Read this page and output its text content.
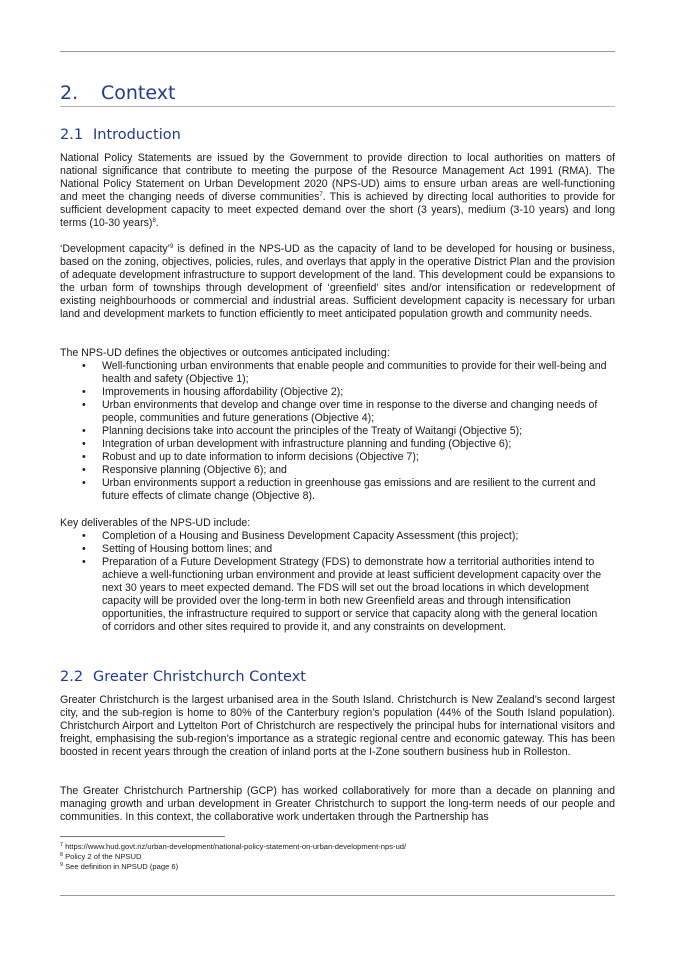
2. Context
2.1 Introduction

National Policy Statements are issued by the Government to provide direction to local authorities on matters of national significance that contribute to meeting the purpose of the Resource Management Act 1991 (RMA). The National Policy Statement on Urban Development 2020 (NPS-UD) aims to ensure urban areas are well-functioning and meet the changing needs of diverse communities$^7$. This is achieved by directing local authorities to provide for sufficient development capacity to meet expected demand over the short (3 years), medium (3-10 years) and long terms (10-30 years)$^8$.

‘Development capacity’$^9$ is defined in the NPS-UD as the capacity of land to be developed for housing or business, based on the zoning, objectives, policies, rules, and overlays that apply in the operative District Plan and the provision of adequate development infrastructure to support development of the land. This development could be expansions to the urban form of townships through development of ‘greenfield’ sites and/or intensification or redevelopment of existing neighbourhoods or commercial and industrial areas. Sufficient development capacity is necessary for urban land and development markets to function efficiently to meet anticipated population growth and community needs.

The NPS-UD defines the objectives or outcomes anticipated including:

• Well-functioning urban environments that enable people and communities to provide for their well-being and health and safety (Objective 1);
• Improvements in housing affordability (Objective 2);
• Urban environments that develop and change over time in response to the diverse and changing needs of people, communities and future generations (Objective 4);
• Planning decisions take into account the principles of the Treaty of Waitangi (Objective 5);
• Integration of urban development with infrastructure planning and funding (Objective 6);
• Robust and up to date information to inform decisions (Objective 7);
• Responsive planning (Objective 6); and
• Urban environments support a reduction in greenhouse gas emissions and are resilient to the current and future effects of climate change (Objective 8).

Key deliverables of the NPS-UD include:

• Completion of a Housing and Business Development Capacity Assessment (this project);
• Setting of Housing bottom lines; and
• Preparation of a Future Development Strategy (FDS) to demonstrate how a territorial authorities intend to achieve a well-functioning urban environment and provide at least sufficient development capacity over the next 30 years to meet expected demand. The FDS will set out the broad locations in which development capacity will be provided over the long-term in both new Greenfield areas and through intensification opportunities, the infrastructure required to support or service that capacity along with the general location of corridors and other sites required to provide it, and any constraints on development.
2.2 Greater Christchurch Context

Greater Christchurch is the largest urbanised area in the South Island. Christchurch is New Zealand’s second largest city, and the sub-region is home to 80% of the Canterbury region’s population (44% of the South Island population). Christchurch Airport and Lyttelton Port of Christchurch are respectively the principal hubs for international visitors and freight, emphasising the sub-region’s importance as a strategic regional centre and economic gateway. This has been boosted in recent years through the creation of inland ports at the I-Zone southern business hub in Rolleston.

The Greater Christchurch Partnership (GCP) has worked collaboratively for more than a decade on planning and managing growth and urban development in Greater Christchurch to support the long-term needs of our people and communities. In this context, the collaborative work undertaken through the Partnership has

$^7$ https://www.hud.govt.nz/urban-development/national-policy-statement-on-urban-development-nps-ud/
$^8$ Policy 2 of the NPSUD
$^9$ See definition in NPSUD (page 6)
